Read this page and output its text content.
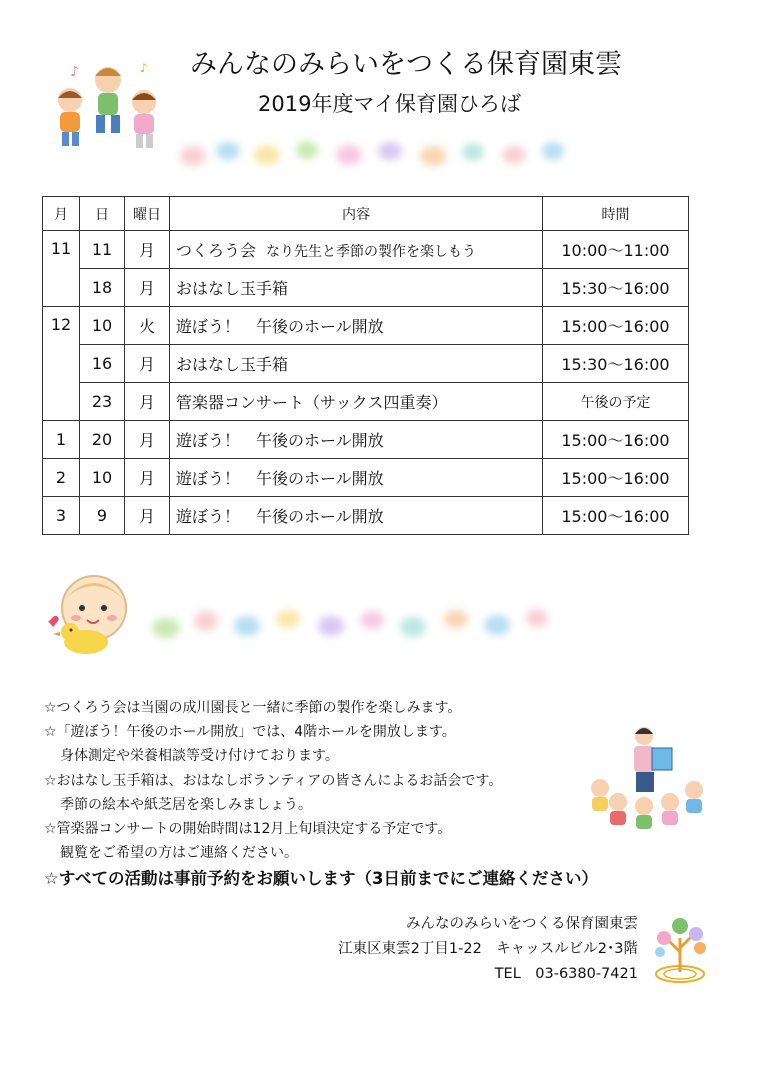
みんなのみらいをつくる保育園東雲
2019年度マイ保育園ひろば
♪	♪
月	日	曜日	内容	時間
11	11	月	つくろう会 なり先生と季節の製作を楽しもう	10:00～11:00
	18	月	おはなし玉手箱	15:30～16:00
12	10	火	遊ぼう！　午後のホール開放	15:00～16:00
	16	月	おはなし玉手箱	15:30～16:00
	23	月	管楽器コンサート（サックス四重奏）	午後の予定
1	20	月	遊ぼう！　午後のホール開放	15:00～16:00
2	10	月	遊ぼう！　午後のホール開放	15:00～16:00
3	9	月	遊ぼう！　午後のホール開放	15:00～16:00
☆つくろう会は当園の成川園長と一緒に季節の製作を楽しみます。
☆「遊ぼう！午後のホール開放」では、4階ホールを開放します。
身体測定や栄養相談等受け付けております。
☆おはなし玉手箱は、おはなしボランティアの皆さんによるお話会です。
季節の絵本や紙芝居を楽しみましょう。
☆管楽器コンサートの開始時間は12月上旬頃決定する予定です。
観覧をご希望の方はご連絡ください。
☆すべての活動は事前予約をお願いします（3日前までにご連絡ください）
みんなのみらいをつくる保育園東雲
江東区東雲2丁目1-22　キャッスルビル2･3階
TEL　03-6380-7421
